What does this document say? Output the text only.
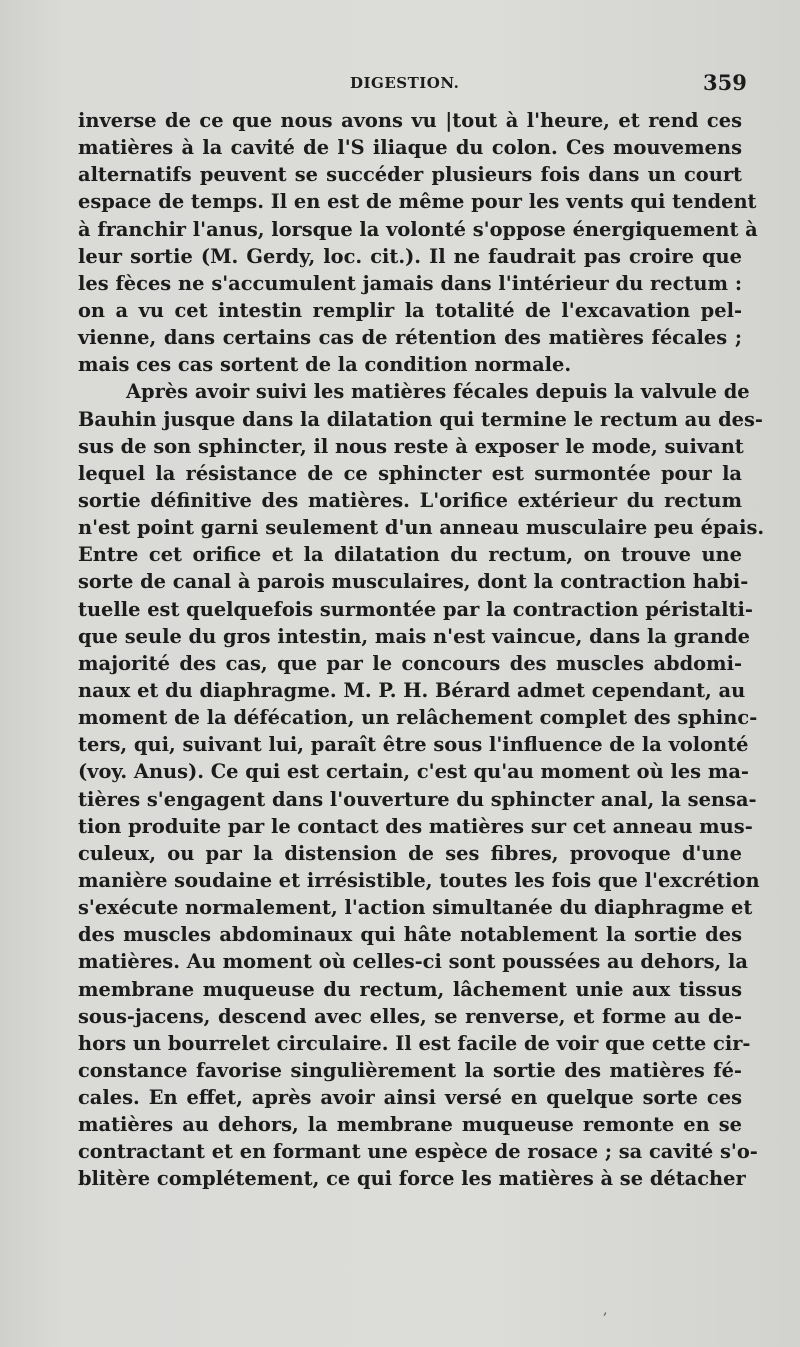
DIGESTION.	359
inverse de ce que nous avons vu |tout à l'heure, et rend ces
matières à la cavité de l'S iliaque du colon. Ces mouvemens
alternatifs peuvent se succéder plusieurs fois dans un court
espace de temps. Il en est de même pour les vents qui tendent
à franchir l'anus, lorsque la volonté s'oppose énergiquement à
leur sortie (M. Gerdy, loc. cit.). Il ne faudrait pas croire que
les fèces ne s'accumulent jamais dans l'intérieur du rectum :
on a vu cet intestin remplir la totalité de l'excavation pel-
vienne, dans certains cas de rétention des matières fécales ;
mais ces cas sortent de la condition normale.
Après avoir suivi les matières fécales depuis la valvule de
Bauhin jusque dans la dilatation qui termine le rectum au des-
sus de son sphincter, il nous reste à exposer le mode, suivant
lequel la résistance de ce sphincter est surmontée pour la
sortie définitive des matières. L'orifice extérieur du rectum
n'est point garni seulement d'un anneau musculaire peu épais.
Entre cet orifice et la dilatation du rectum, on trouve une
sorte de canal à parois musculaires, dont la contraction habi-
tuelle est quelquefois surmontée par la contraction péristalti-
que seule du gros intestin, mais n'est vaincue, dans la grande
majorité des cas, que par le concours des muscles abdomi-
naux et du diaphragme. M. P. H. Bérard admet cependant, au
moment de la défécation, un relâchement complet des sphinc-
ters, qui, suivant lui, paraît être sous l'influence de la volonté
(voy. Anus). Ce qui est certain, c'est qu'au moment où les ma-
tières s'engagent dans l'ouverture du sphincter anal, la sensa-
tion produite par le contact des matières sur cet anneau mus-
culeux, ou par la distension de ses fibres, provoque d'une
manière soudaine et irrésistible, toutes les fois que l'excrétion
s'exécute normalement, l'action simultanée du diaphragme et
des muscles abdominaux qui hâte notablement la sortie des
matières. Au moment où celles-ci sont poussées au dehors, la
membrane muqueuse du rectum, lâchement unie aux tissus
sous-jacens, descend avec elles, se renverse, et forme au de-
hors un bourrelet circulaire. Il est facile de voir que cette cir-
constance favorise singulièrement la sortie des matières fé-
cales. En effet, après avoir ainsi versé en quelque sorte ces
matières au dehors, la membrane muqueuse remonte en se
contractant et en formant une espèce de rosace ; sa cavité s'o-
blitère complétement, ce qui force les matières à se détacher
,
